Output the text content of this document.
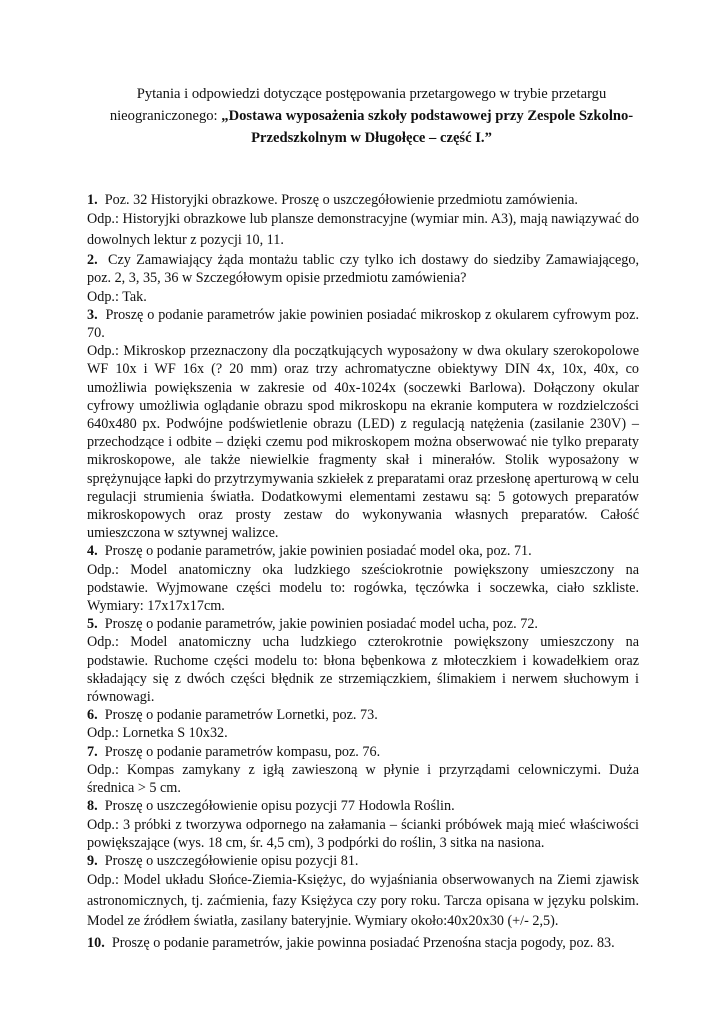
Pytania i odpowiedzi dotyczące postępowania przetargowego w trybie przetargu
nieograniczonego: „Dostawa wyposażenia szkoły podstawowej przy Zespole Szkolno-Przedszkolnym w Długołęce – część I.”

1. Poz. 32 Historyjki obrazkowe. Proszę o uszczegółowienie przedmiotu zamówienia.

Odp.: Historyjki obrazkowe lub plansze demonstracyjne (wymiar min. A3), mają nawiązywać do dowolnych lektur z pozycji 10, 11.

2. Czy Zamawiający żąda montażu tablic czy tylko ich dostawy do siedziby Zamawiającego, poz. 2, 3, 35, 36 w Szczegółowym opisie przedmiotu zamówienia?

Odp.: Tak.

3. Proszę o podanie parametrów jakie powinien posiadać mikroskop z okularem cyfrowym poz. 70.

Odp.: Mikroskop przeznaczony dla początkujących wyposażony w dwa okulary szerokopolowe WF 10x i WF 16x (? 20 mm) oraz trzy achromatyczne obiektywy DIN 4x, 10x, 40x, co umożliwia powiększenia w zakresie od 40x-1024x (soczewki Barlowa). Dołączony okular cyfrowy umożliwia oglądanie obrazu spod mikroskopu na ekranie komputera w rozdzielczości 640x480 px. Podwójne podświetlenie obrazu (LED) z regulacją natężenia (zasilanie 230V) – przechodzące i odbite – dzięki czemu pod mikroskopem można obserwować nie tylko preparaty mikroskopowe, ale także niewielkie fragmenty skał i minerałów. Stolik wyposażony w sprężynujące łapki do przytrzymywania szkiełek z preparatami oraz przesłonę aperturową w celu regulacji strumienia światła. Dodatkowymi elementami zestawu są: 5 gotowych preparatów mikroskopowych oraz prosty zestaw do wykonywania własnych preparatów. Całość umieszczona w sztywnej walizce.

4. Proszę o podanie parametrów, jakie powinien posiadać model oka, poz. 71.

Odp.: Model anatomiczny oka ludzkiego sześciokrotnie powiększony umieszczony na podstawie. Wyjmowane części modelu to: rogówka, tęczówka i soczewka, ciało szkliste. Wymiary: 17x17x17cm.

5. Proszę o podanie parametrów, jakie powinien posiadać model ucha, poz. 72.

Odp.: Model anatomiczny ucha ludzkiego czterokrotnie powiększony umieszczony na podstawie. Ruchome części modelu to: błona bębenkowa z młoteczkiem i kowadełkiem oraz składający się z dwóch części błędnik ze strzemiączkiem, ślimakiem i nerwem słuchowym i równowagi.

6. Proszę o podanie parametrów Lornetki, poz. 73.

Odp.: Lornetka S 10x32.

7. Proszę o podanie parametrów kompasu, poz. 76.

Odp.: Kompas zamykany z igłą zawieszoną w płynie i przyrządami celowniczymi. Duża średnica > 5 cm.

8. Proszę o uszczegółowienie opisu pozycji 77 Hodowla Roślin.

Odp.: 3 próbki z tworzywa odpornego na załamania – ścianki próbówek mają mieć właściwości powiększające (wys. 18 cm, śr. 4,5 cm), 3 podpórki do roślin, 3 sitka na nasiona.

9. Proszę o uszczegółowienie opisu pozycji 81.

Odp.: Model układu Słońce-Ziemia-Księżyc, do wyjaśniania obserwowanych na Ziemi zjawisk astronomicznych, tj. zaćmienia, fazy Księżyca czy pory roku. Tarcza opisana w języku polskim. Model ze źródłem światła, zasilany bateryjnie. Wymiary około:40x20x30 (+/- 2,5).

10. Proszę o podanie parametrów, jakie powinna posiadać Przenośna stacja pogody, poz. 83.
